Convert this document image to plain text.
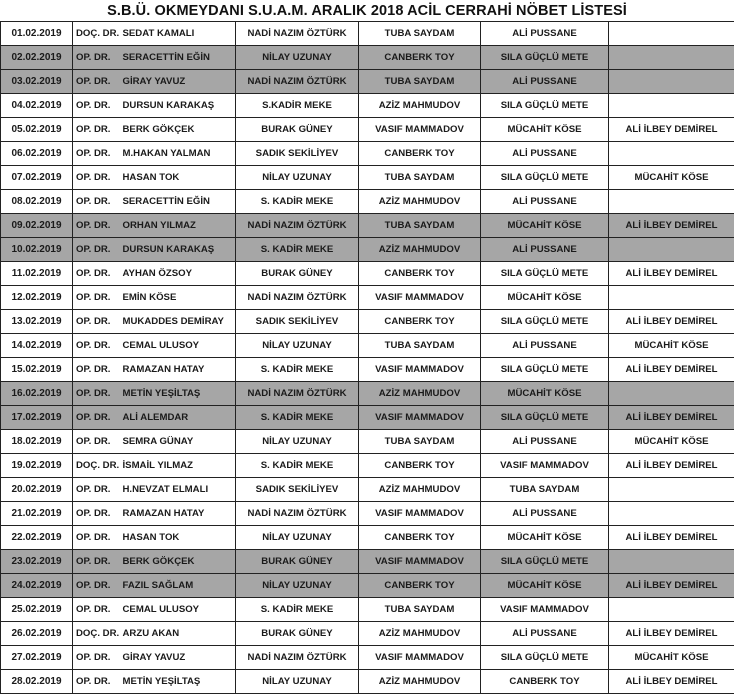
S.B.Ü. OKMEYDANI S.U.A.M. ARALIK 2018 ACİL CERRAHİ NÖBET LİSTESİ
01.02.2019	DOÇ. DR.	SEDAT KAMALI	NADİ NAZIM ÖZTÜRK	TUBA SAYDAM	ALİ PUSSANE	
02.02.2019	OP. DR.	SERACETTİN EĞİN	NİLAY UZUNAY	CANBERK TOY	SILA GÜÇLÜ METE	
03.02.2019	OP. DR.	GİRAY YAVUZ	NADİ NAZIM ÖZTÜRK	TUBA SAYDAM	ALİ PUSSANE	
04.02.2019	OP. DR.	DURSUN KARAKAŞ	S.KADİR MEKE	AZİZ MAHMUDOV	SILA GÜÇLÜ METE	
05.02.2019	OP. DR.	BERK GÖKÇEK	BURAK GÜNEY	VASIF MAMMADOV	MÜCAHİT KÖSE	ALİ İLBEY DEMİREL
06.02.2019	OP. DR.	M.HAKAN YALMAN	SADIK SEKİLİYEV	CANBERK TOY	ALİ PUSSANE	
07.02.2019	OP. DR.	HASAN TOK	NİLAY UZUNAY	TUBA SAYDAM	SILA GÜÇLÜ METE	MÜCAHİT KÖSE
08.02.2019	OP. DR.	SERACETTİN EĞİN	S. KADİR MEKE	AZİZ MAHMUDOV	ALİ PUSSANE	
09.02.2019	OP. DR.	ORHAN YILMAZ	NADİ NAZIM ÖZTÜRK	TUBA SAYDAM	MÜCAHİT KÖSE	ALİ İLBEY DEMİREL
10.02.2019	OP. DR.	DURSUN KARAKAŞ	S. KADİR MEKE	AZİZ MAHMUDOV	ALİ PUSSANE	
11.02.2019	OP. DR.	AYHAN ÖZSOY	BURAK GÜNEY	CANBERK TOY	SILA GÜÇLÜ METE	ALİ İLBEY DEMİREL
12.02.2019	OP. DR.	EMİN KÖSE	NADİ NAZIM ÖZTÜRK	VASIF MAMMADOV	MÜCAHİT KÖSE	
13.02.2019	OP. DR.	MUKADDES DEMİRAY	SADIK SEKİLİYEV	CANBERK TOY	SILA GÜÇLÜ METE	ALİ İLBEY DEMİREL
14.02.2019	OP. DR.	CEMAL ULUSOY	NİLAY UZUNAY	TUBA SAYDAM	ALİ PUSSANE	MÜCAHİT KÖSE
15.02.2019	OP. DR.	RAMAZAN HATAY	S. KADİR MEKE	VASIF MAMMADOV	SILA GÜÇLÜ METE	ALİ İLBEY DEMİREL
16.02.2019	OP. DR.	METİN YEŞİLTAŞ	NADİ NAZIM ÖZTÜRK	AZİZ MAHMUDOV	MÜCAHİT KÖSE	
17.02.2019	OP. DR.	ALİ ALEMDAR	S. KADİR MEKE	VASIF MAMMADOV	SILA GÜÇLÜ METE	ALİ İLBEY DEMİREL
18.02.2019	OP. DR.	SEMRA GÜNAY	NİLAY UZUNAY	TUBA SAYDAM	ALİ PUSSANE	MÜCAHİT KÖSE
19.02.2019	DOÇ. DR.	İSMAİL YILMAZ	S. KADİR MEKE	CANBERK TOY	VASIF MAMMADOV	ALİ İLBEY DEMİREL
20.02.2019	OP. DR.	H.NEVZAT ELMALI	SADIK SEKİLİYEV	AZİZ MAHMUDOV	TUBA SAYDAM	
21.02.2019	OP. DR.	RAMAZAN HATAY	NADİ NAZIM ÖZTÜRK	VASIF MAMMADOV	ALİ PUSSANE	
22.02.2019	OP. DR.	HASAN TOK	NİLAY UZUNAY	CANBERK TOY	MÜCAHİT KÖSE	ALİ İLBEY DEMİREL
23.02.2019	OP. DR.	BERK GÖKÇEK	BURAK GÜNEY	VASIF MAMMADOV	SILA GÜÇLÜ METE	
24.02.2019	OP. DR.	FAZIL SAĞLAM	NİLAY UZUNAY	CANBERK TOY	MÜCAHİT KÖSE	ALİ İLBEY DEMİREL
25.02.2019	OP. DR.	CEMAL ULUSOY	S. KADİR MEKE	TUBA SAYDAM	VASIF MAMMADOV	
26.02.2019	DOÇ. DR.	ARZU AKAN	BURAK GÜNEY	AZİZ MAHMUDOV	ALİ PUSSANE	ALİ İLBEY DEMİREL
27.02.2019	OP. DR.	GİRAY YAVUZ	NADİ NAZIM ÖZTÜRK	VASIF MAMMADOV	SILA GÜÇLÜ METE	MÜCAHİT KÖSE
28.02.2019	OP. DR.	METİN YEŞİLTAŞ	NİLAY UZUNAY	AZİZ MAHMUDOV	CANBERK TOY	ALİ İLBEY DEMİREL
